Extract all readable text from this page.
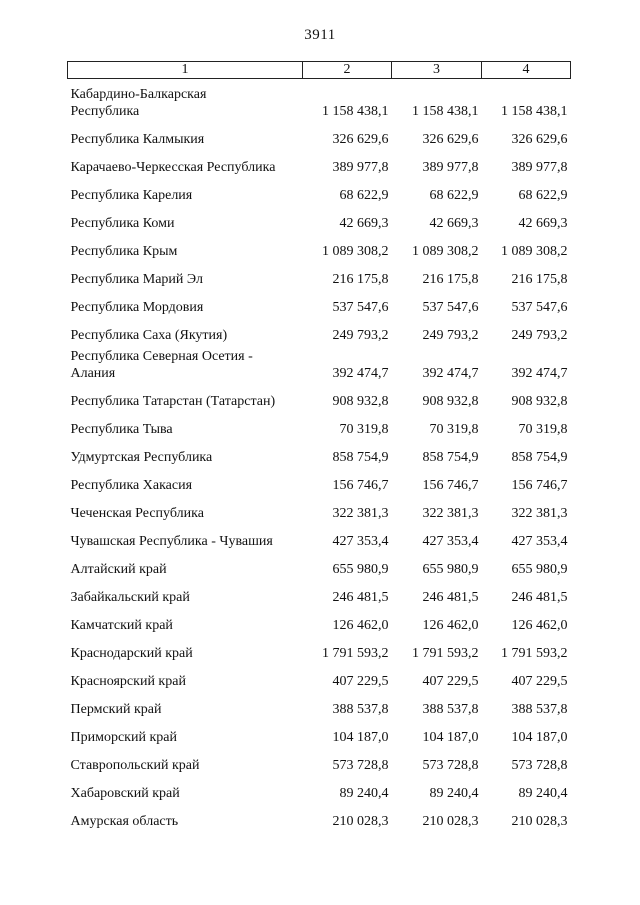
3911
1	2	3	4

Кабардино-Балкарская
Республика	1 158 438,1	1 158 438,1	1 158 438,1

Республика Калмыкия	326 629,6	326 629,6	326 629,6

Карачаево-Черкесская Республика	389 977,8	389 977,8	389 977,8

Республика Карелия	68 622,9	68 622,9	68 622,9

Республика Коми	42 669,3	42 669,3	42 669,3

Республика Крым	1 089 308,2	1 089 308,2	1 089 308,2

Республика Марий Эл	216 175,8	216 175,8	216 175,8

Республика Мордовия	537 547,6	537 547,6	537 547,6

Республика Саха (Якутия)	249 793,2	249 793,2	249 793,2

Республика Северная Осетия -
Алания	392 474,7	392 474,7	392 474,7

Республика Татарстан (Татарстан)	908 932,8	908 932,8	908 932,8

Республика Тыва	70 319,8	70 319,8	70 319,8

Удмуртская Республика	858 754,9	858 754,9	858 754,9

Республика Хакасия	156 746,7	156 746,7	156 746,7

Чеченская Республика	322 381,3	322 381,3	322 381,3

Чувашская Республика - Чувашия	427 353,4	427 353,4	427 353,4

Алтайский край	655 980,9	655 980,9	655 980,9

Забайкальский край	246 481,5	246 481,5	246 481,5

Камчатский край	126 462,0	126 462,0	126 462,0

Краснодарский край	1 791 593,2	1 791 593,2	1 791 593,2

Красноярский край	407 229,5	407 229,5	407 229,5

Пермский край	388 537,8	388 537,8	388 537,8

Приморский край	104 187,0	104 187,0	104 187,0

Ставропольский край	573 728,8	573 728,8	573 728,8

Хабаровский край	89 240,4	89 240,4	89 240,4

Амурская область	210 028,3	210 028,3	210 028,3
